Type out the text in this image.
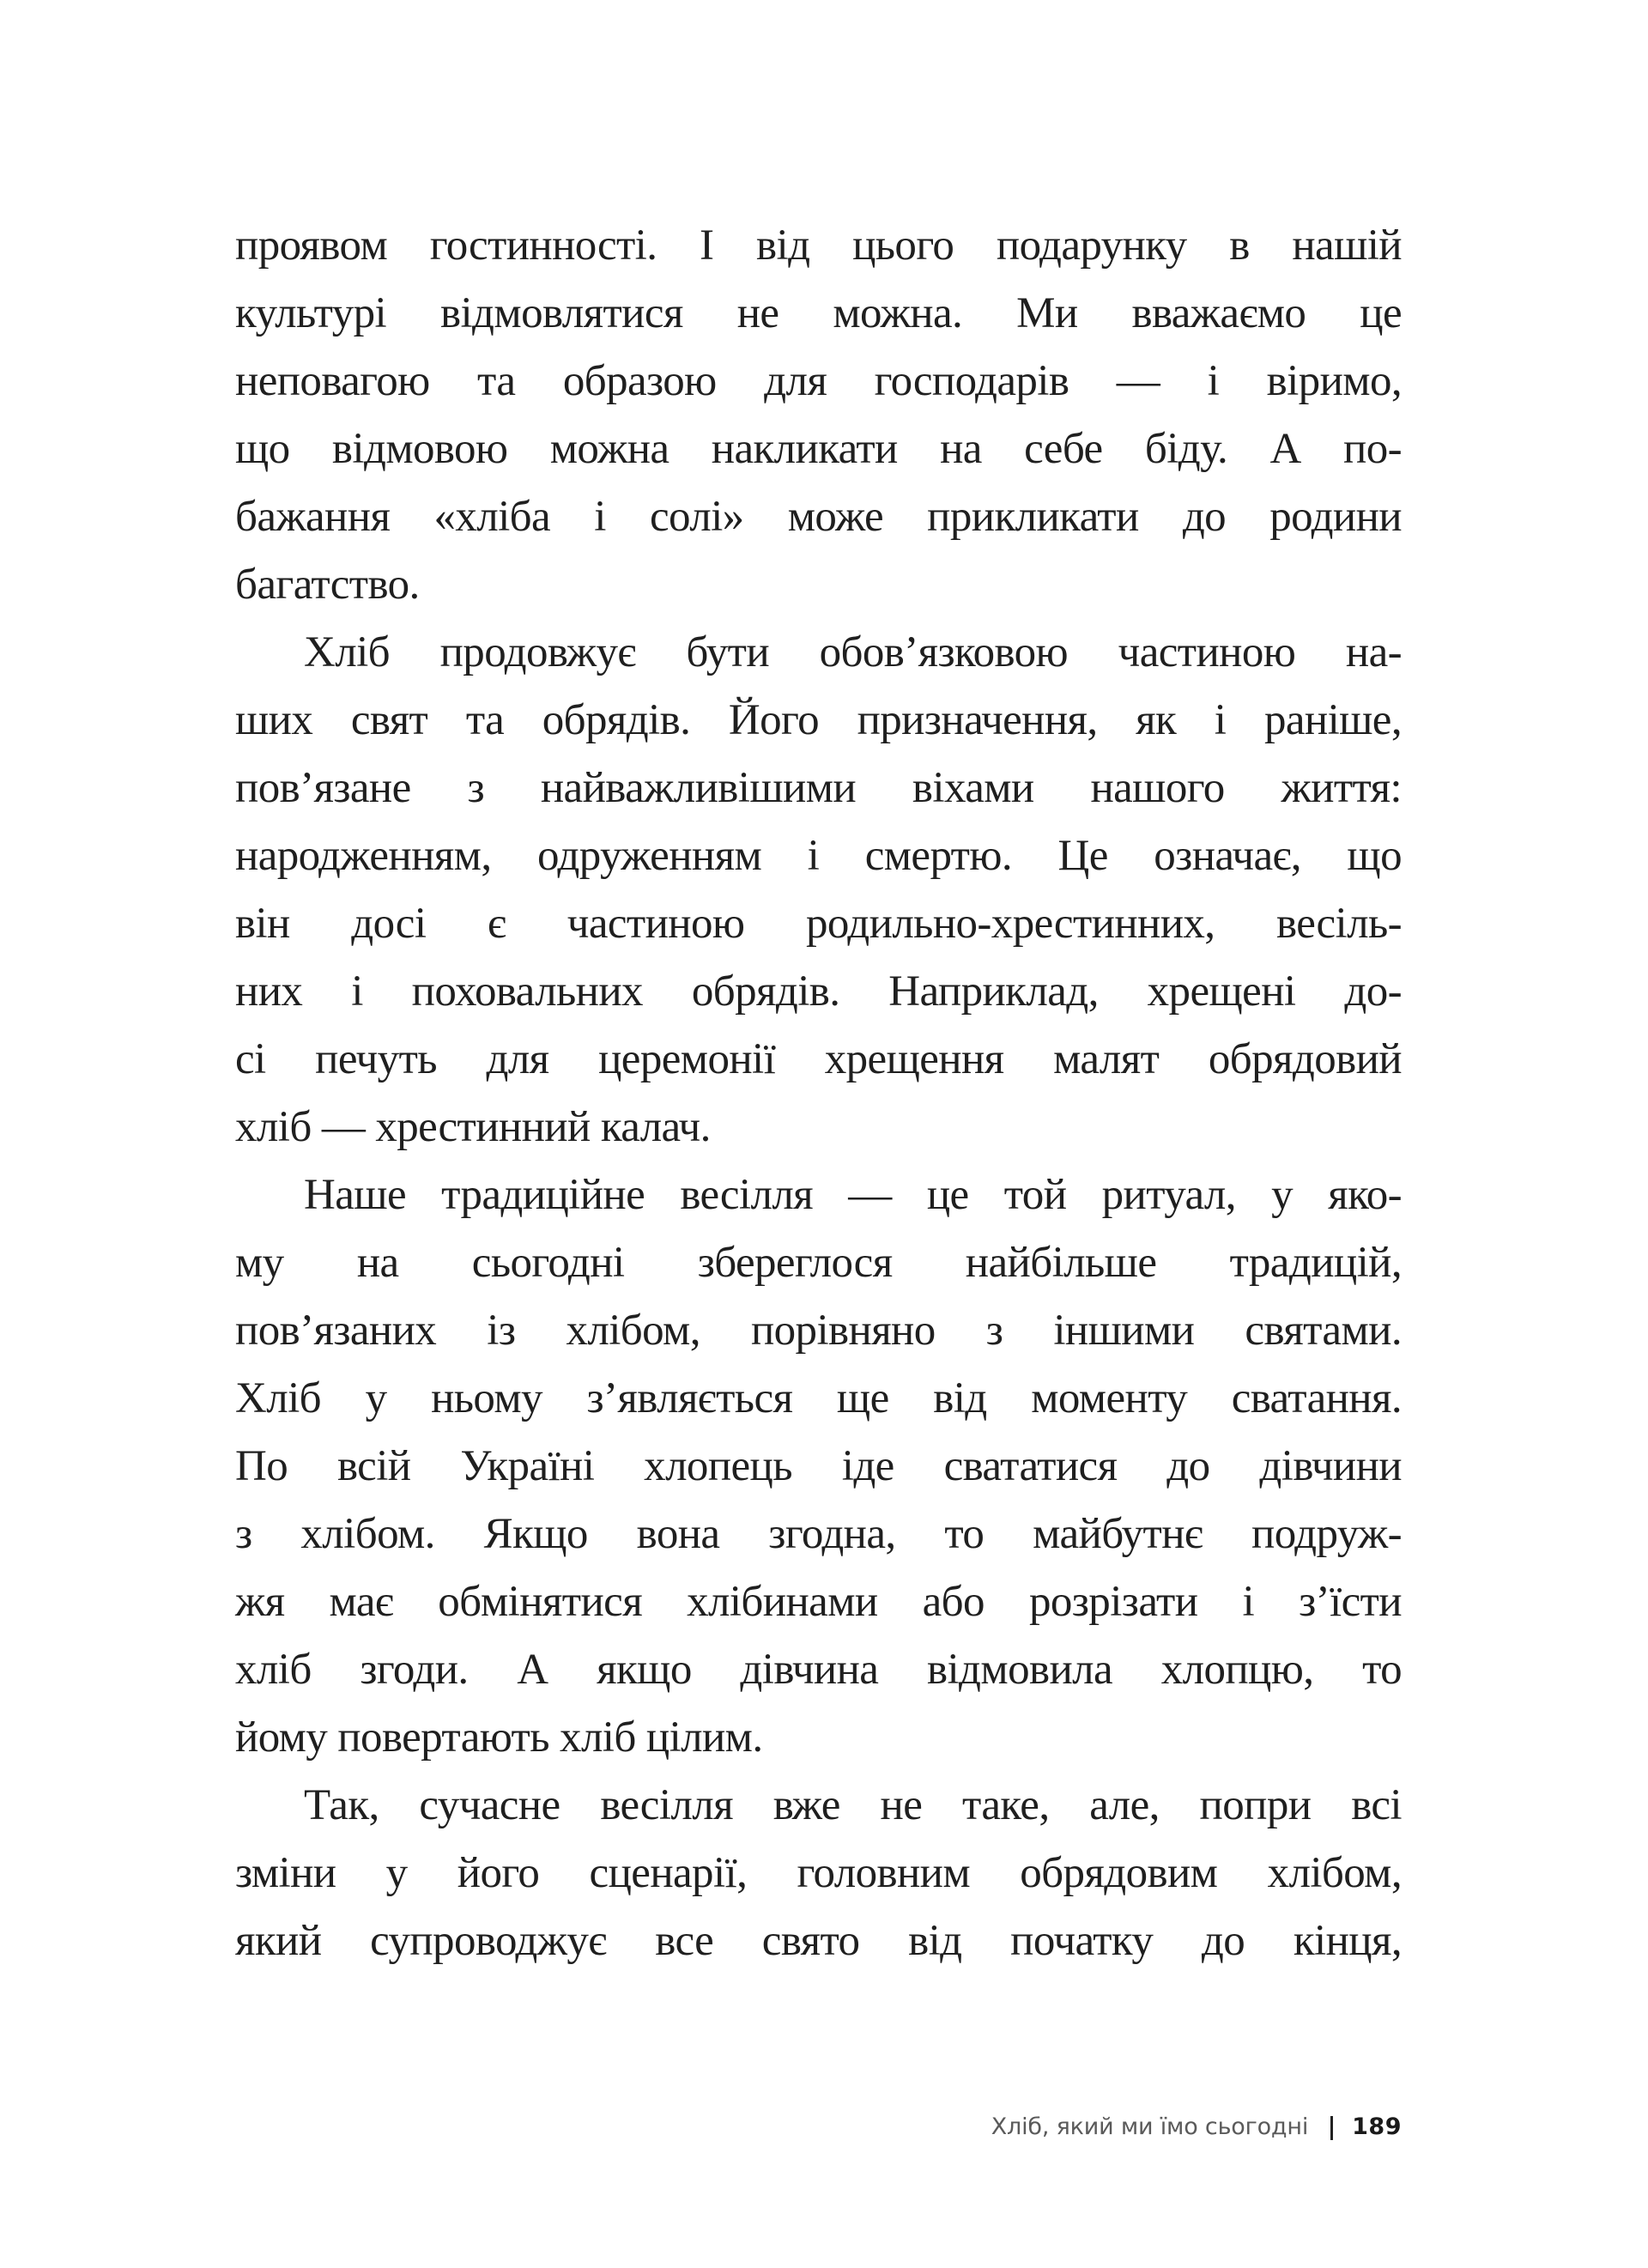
проявом гостинності. І від цього подарунку в нашій
культурі відмовлятися не можна. Ми вважаємо це
неповагою та образою для господарів — і віримо,
що відмовою можна накликати на себе біду. А по-
бажання «хліба і солі» може прикликати до родини
багатство.
Хліб продовжує бути обов’язковою частиною на-
ших свят та обрядів. Його призначення, як і раніше,
пов’язане з найважливішими віхами нашого життя:
народженням, одруженням і смертю. Це означає, що
він досі є частиною родильно-хрестинних, весіль-
них і поховальних обрядів. Наприклад, хрещені до-
сі печуть для церемонії хрещення малят обрядовий
хліб — хрестинний калач.
Наше традиційне весілля — це той ритуал, у яко-
му на сьогодні збереглося найбільше традицій,
пов’язаних із хлібом, порівняно з іншими святами.
Хліб у ньому з’являється ще від моменту сватання.
По всій Україні хлопець іде свататися до дівчини
з хлібом. Якщо вона згодна, то майбутнє подруж-
жя має обмінятися хлібинами або розрізати і з’їсти
хліб згоди. А якщо дівчина відмовила хлопцю, то
йому повертають хліб цілим.
Так, сучасне весілля вже не таке, але, попри всі
зміни у його сценарії, головним обрядовим хлібом,
який супроводжує все свято від початку до кінця,
Хліб, який ми їмо сьогодні 189
